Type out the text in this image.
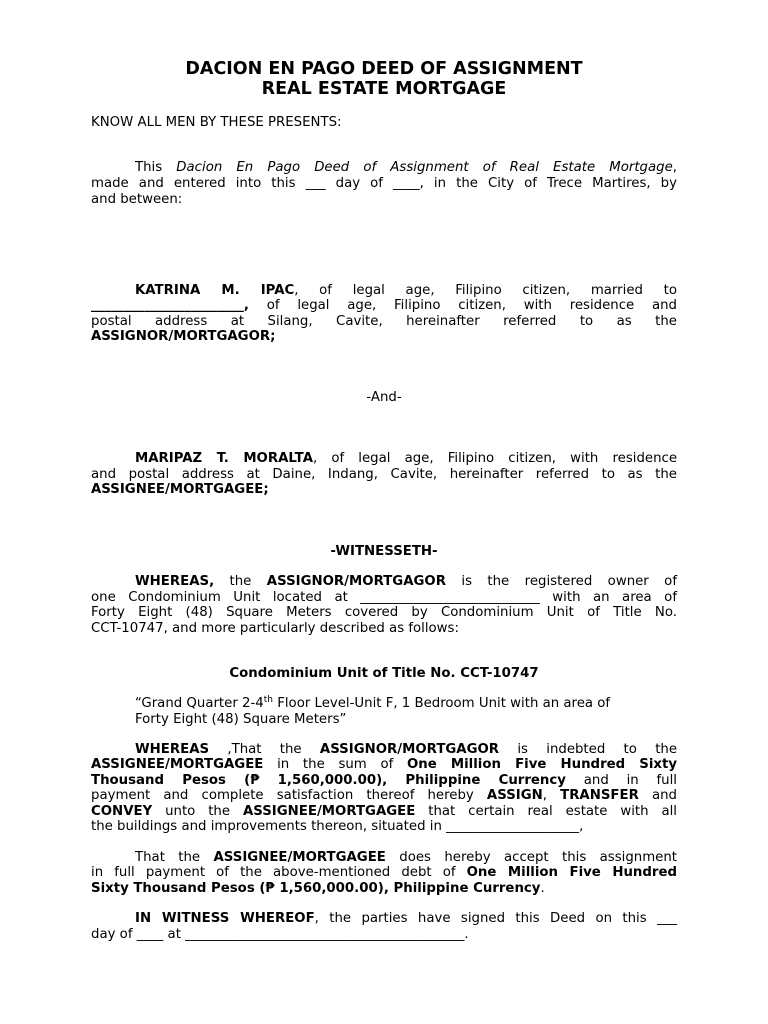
DACION EN PAGO DEED OF ASSIGNMENT
REAL ESTATE MORTGAGE
KNOW ALL MEN BY THESE PRESENTS:
This Dacion En Pago Deed of Assignment of Real Estate Mortgage,
made and entered into this ___ day of ____, in the City of Trece Martires, by
and between:
KATRINA M. IPAC, of legal age, Filipino citizen, married to
_______________________, of legal age, Filipino citizen, with residence and
postal address at Silang, Cavite, hereinafter referred to as the
ASSIGNOR/MORTGAGOR;
-And-
MARIPAZ T. MORALTA, of legal age, Filipino citizen, with residence
and postal address at Daine, Indang, Cavite, hereinafter referred to as the
ASSIGNEE/MORTGAGEE;
-WITNESSETH-
WHEREAS, the ASSIGNOR/MORTGAGOR is the registered owner of
one Condominium Unit located at ___________________________ with an area of
Forty Eight (48) Square Meters covered by Condominium Unit of Title No.
CCT-10747, and more particularly described as follows:
Condominium Unit of Title No. CCT-10747
“Grand Quarter 2-4th Floor Level-Unit F, 1 Bedroom Unit with an area of
Forty Eight (48) Square Meters”
WHEREAS ,That the ASSIGNOR/MORTGAGOR is indebted to the
ASSIGNEE/MORTGAGEE in the sum of One Million Five Hundred Sixty
Thousand Pesos (₱ 1,560,000.00), Philippine Currency and in full
payment and complete satisfaction thereof hereby ASSIGN, TRANSFER and
CONVEY unto the ASSIGNEE/MORTGAGEE that certain real estate with all
the buildings and improvements thereon, situated in ____________________,
That the ASSIGNEE/MORTGAGEE does hereby accept this assignment
in full payment of the above-mentioned debt of One Million Five Hundred
Sixty Thousand Pesos (₱ 1,560,000.00), Philippine Currency.
IN WITNESS WHEREOF, the parties have signed this Deed on this ___
day of ____ at __________________________________________.
